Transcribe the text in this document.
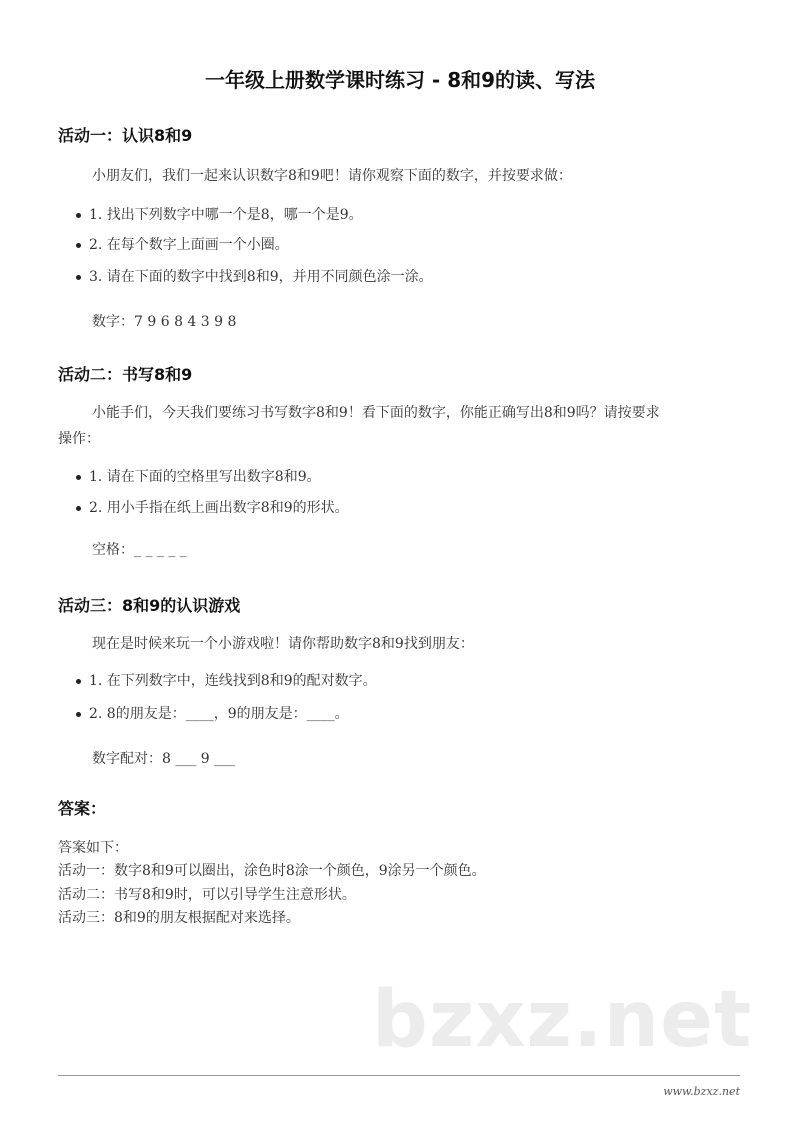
一年级上册数学课时练习 - 8和9的读、写法
活动一：认识8和9
小朋友们，我们一起来认识数字8和9吧！请你观察下面的数字，并按要求做：
1. 找出下列数字中哪一个是8，哪一个是9。
2. 在每个数字上面画一个小圈。
3. 请在下面的数字中找到8和9，并用不同颜色涂一涂。
数字：7 9 6 8 4 3 9 8
活动二：书写8和9
小能手们，今天我们要练习书写数字8和9！看下面的数字，你能正确写出8和9吗？请按要求
操作：
1. 请在下面的空格里写出数字8和9。
2. 用小手指在纸上画出数字8和9的形状。
空格：_ _ _ _ _
活动三：8和9的认识游戏
现在是时候来玩一个小游戏啦！请你帮助数字8和9找到朋友：
1. 在下列数字中，连线找到8和9的配对数字。
2. 8的朋友是：____，9的朋友是：____。
数字配对：8 ___ 9 ___
答案：
答案如下：
活动一：数字8和9可以圈出，涂色时8涂一个颜色，9涂另一个颜色。
活动二：书写8和9时，可以引导学生注意形状。
活动三：8和9的朋友根据配对来选择。
bzxz.net
www.bzxz.net
